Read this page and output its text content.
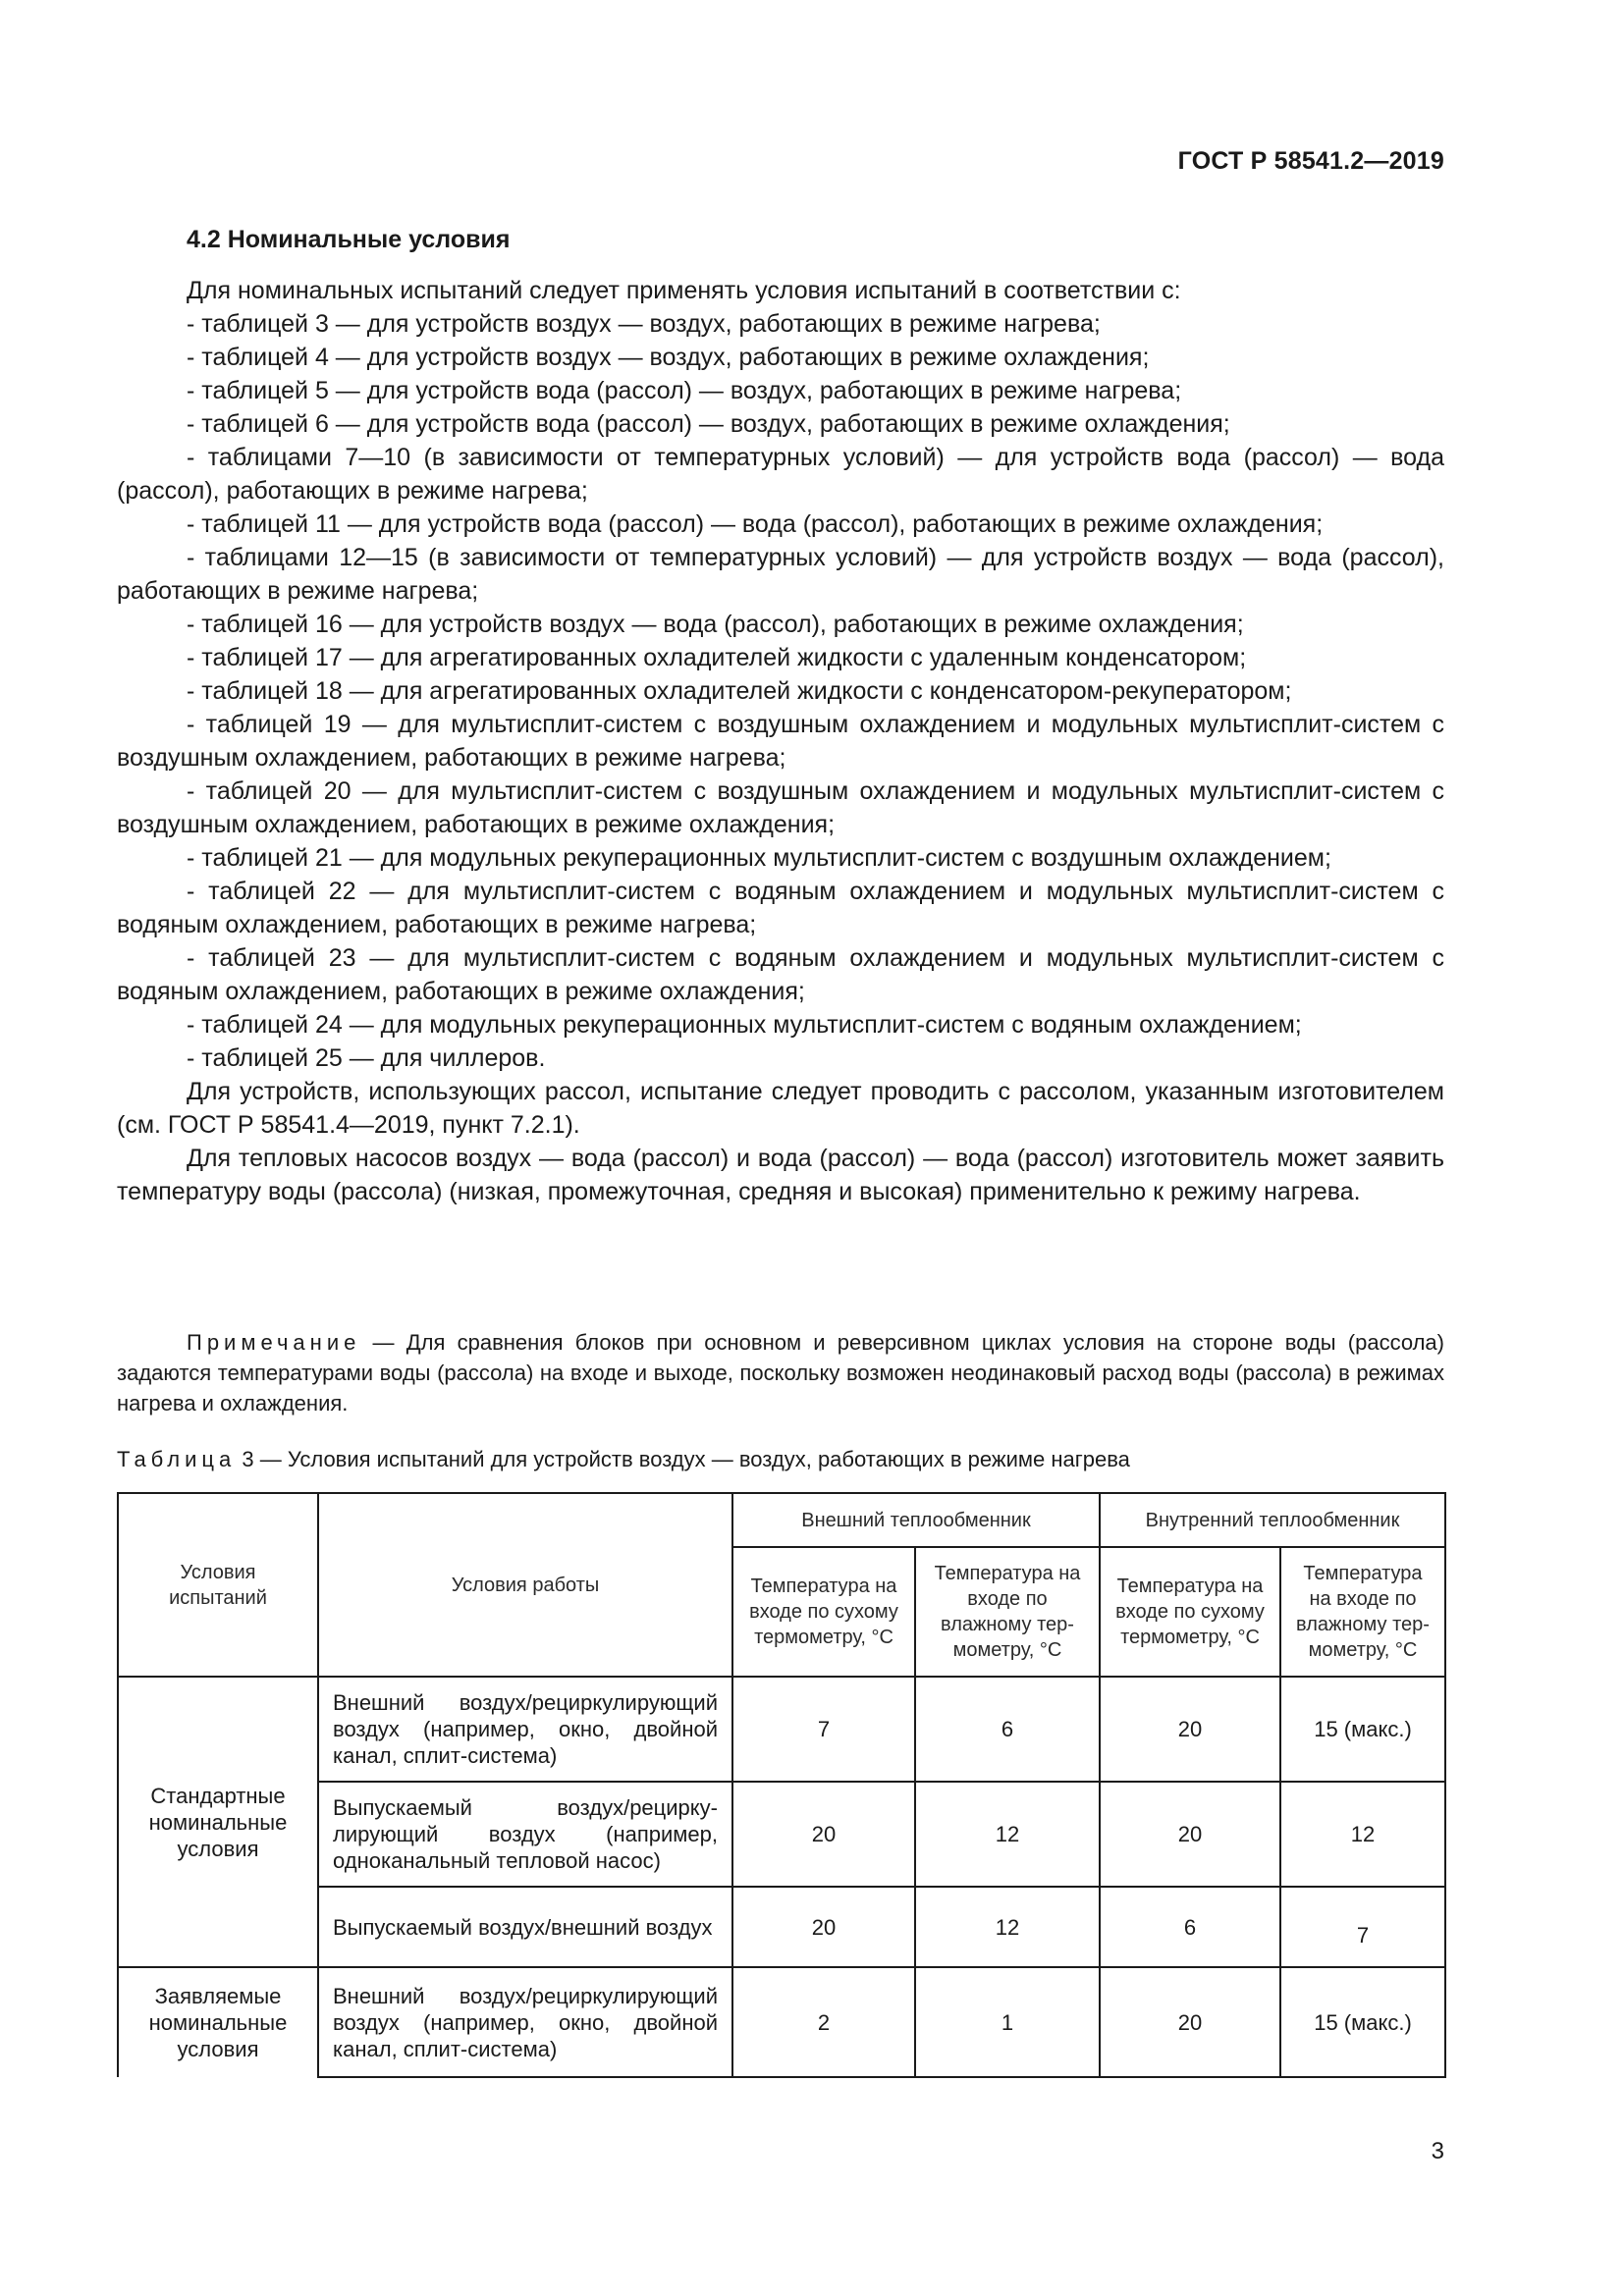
ГОСТ Р 58541.2—2019
4.2 Номинальные условия

Для номинальных испытаний следует применять условия испытаний в соответствии с:

- таблицей 3 — для устройств воздух — воздух, работающих в режиме нагрева;

- таблицей 4 — для устройств воздух — воздух, работающих в режиме охлаждения;

- таблицей 5 — для устройств вода (рассол) — воздух, работающих в режиме нагрева;

- таблицей 6 — для устройств вода (рассол) — воздух, работающих в режиме охлаждения;

- таблицами 7—10 (в зависимости от температурных условий) — для устройств вода (рассол) — вода (рассол), работающих в режиме нагрева;

- таблицей 11 — для устройств вода (рассол) — вода (рассол), работающих в режиме охлаждения;

- таблицами 12—15 (в зависимости от температурных условий) — для устройств воздух — вода (рассол), работающих в режиме нагрева;

- таблицей 16 — для устройств воздух — вода (рассол), работающих в режиме охлаждения;

- таблицей 17 — для агрегатированных охладителей жидкости с удаленным конденсатором;

- таблицей 18 — для агрегатированных охладителей жидкости с конденсатором-рекуператором;

- таблицей 19 — для мультисплит-систем с воздушным охлаждением и модульных мультисплит-систем с воздушным охлаждением, работающих в режиме нагрева;

- таблицей 20 — для мультисплит-систем с воздушным охлаждением и модульных мультисплит-систем с воздушным охлаждением, работающих в режиме охлаждения;

- таблицей 21 — для модульных рекуперационных мультисплит-систем с воздушным охлаждением;

- таблицей 22 — для мультисплит-систем с водяным охлаждением и модульных мультисплит-систем с водяным охлаждением, работающих в режиме нагрева;

- таблицей 23 — для мультисплит-систем с водяным охлаждением и модульных мультисплит-систем с водяным охлаждением, работающих в режиме охлаждения;

- таблицей 24 — для модульных рекуперационных мультисплит-систем с водяным охлаждением;

- таблицей 25 — для чиллеров.

Для устройств, использующих рассол, испытание следует проводить с рассолом, указанным изготовителем (см. ГОСТ Р 58541.4—2019, пункт 7.2.1).

Для тепловых насосов воздух — вода (рассол) и вода (рассол) — вода (рассол) изготовитель может заявить температуру воды (рассола) (низкая, промежуточная, средняя и высокая) применительно к режиму нагрева.

Примечание — Для сравнения блоков при основном и реверсивном циклах условия на стороне воды (рассола) задаются температурами воды (рассола) на входе и выходе, поскольку возможен неодинаковый расход воды (рассола) в режимах нагрева и охлаждения.
Таблица 3 — Условия испытаний для устройств воздух — воздух, работающих в режиме нагрева
Условия испытаний	Условия работы	Внешний теплообменник		Внутренний теплообменник	
		Температура на входе по сухому термометру, °С	Температура на входе по влажному термометру, °С	Температура на входе по сухому термометру, °С	Температура на входе по влажному термометру, °С
Стандартные номинальные условия	Внешний воздух/рециркулирующий воздух (например, окно, двойной канал, сплит-система)	7	6	20	15 (макс.)
	Выпускаемый воздух/рециркулирующий воздух (например, одноканальный тепловой насос)	20	12	20	12
	Выпускаемый воздух/внешний воздух	20	12	6	7
Заявляемые номинальные условия	Внешний воздух/рециркулирующий воздух (например, окно, двойной канал, сплит-система)	2	1	20	15 (макс.)
3
